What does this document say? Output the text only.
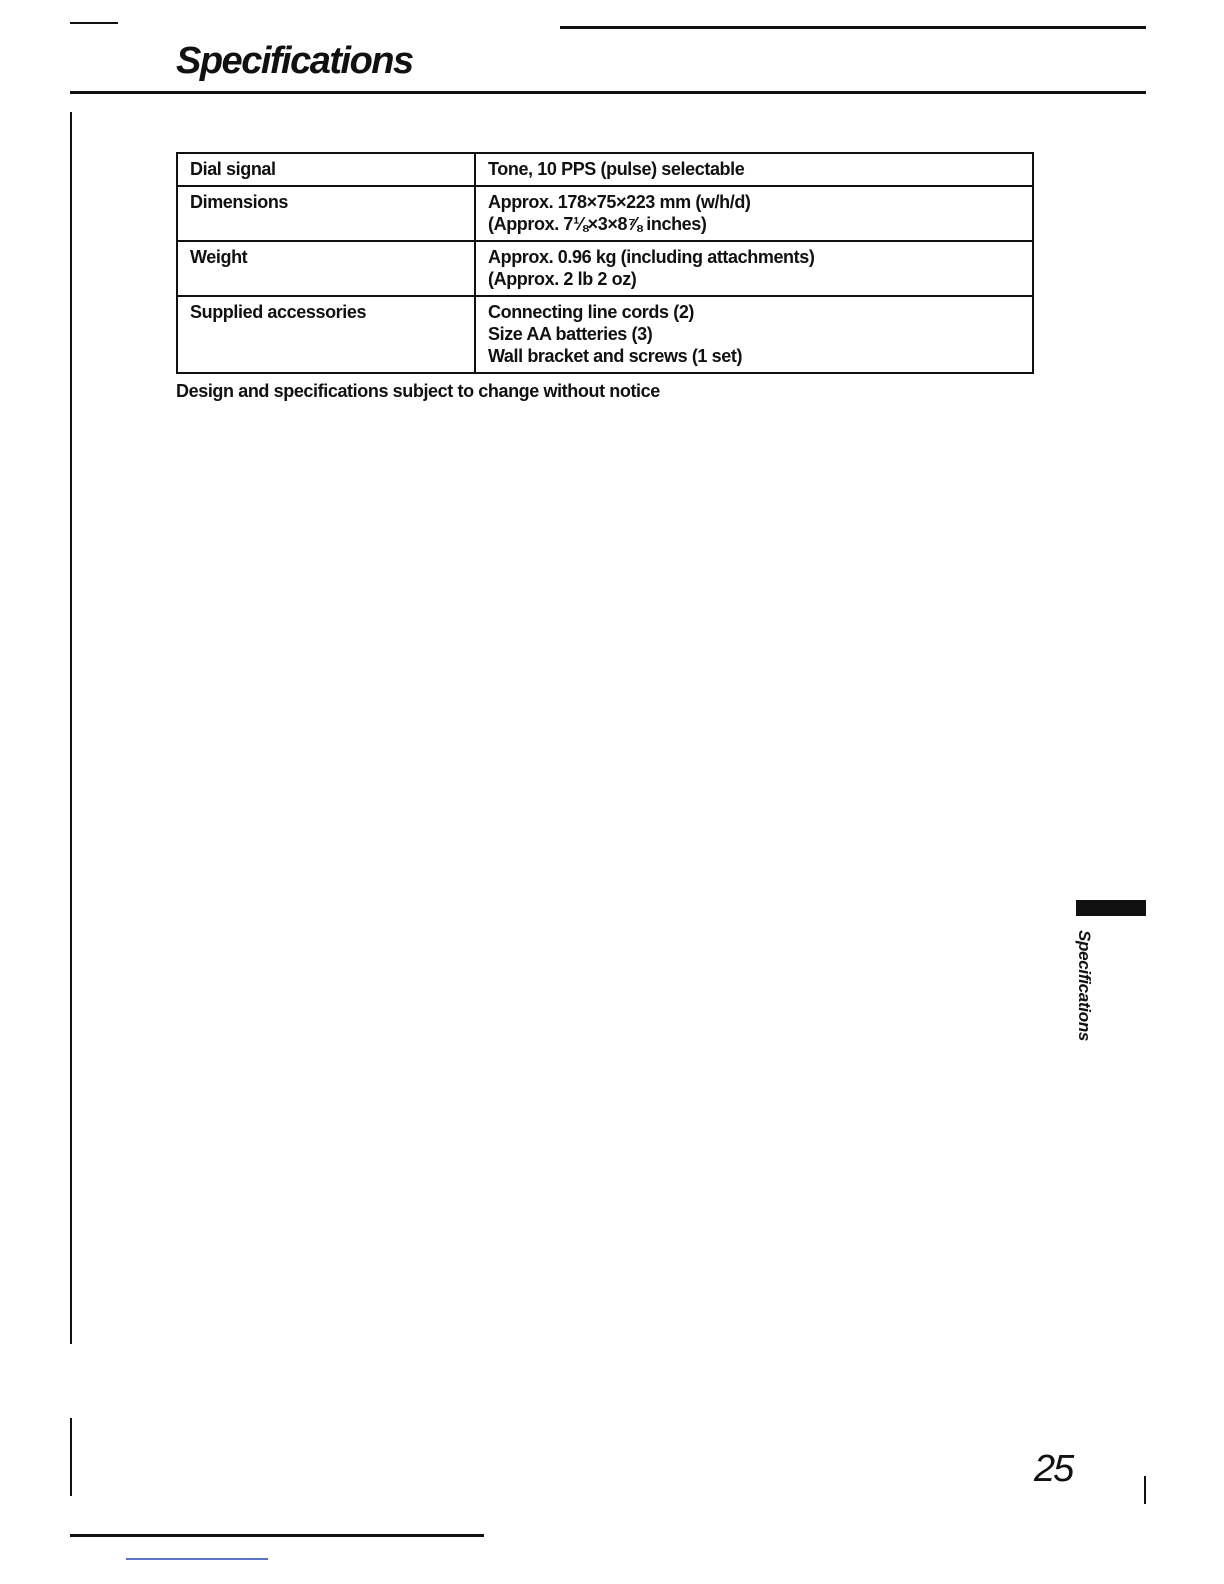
Specifications
Dial signal	Tone, 10 PPS (pulse) selectable

Dimensions	Approx. 178×75×223 mm (w/h/d)
(Approx. 7⅛×3×8⅞ inches)

Weight	Approx. 0.96 kg (including attachments)
(Approx. 2 lb 2 oz)

Supplied accessories	Connecting line cords (2)
Size AA batteries (3)
Wall bracket and screws (1 set)
Design and specifications subject to change without notice
Specifications
25
